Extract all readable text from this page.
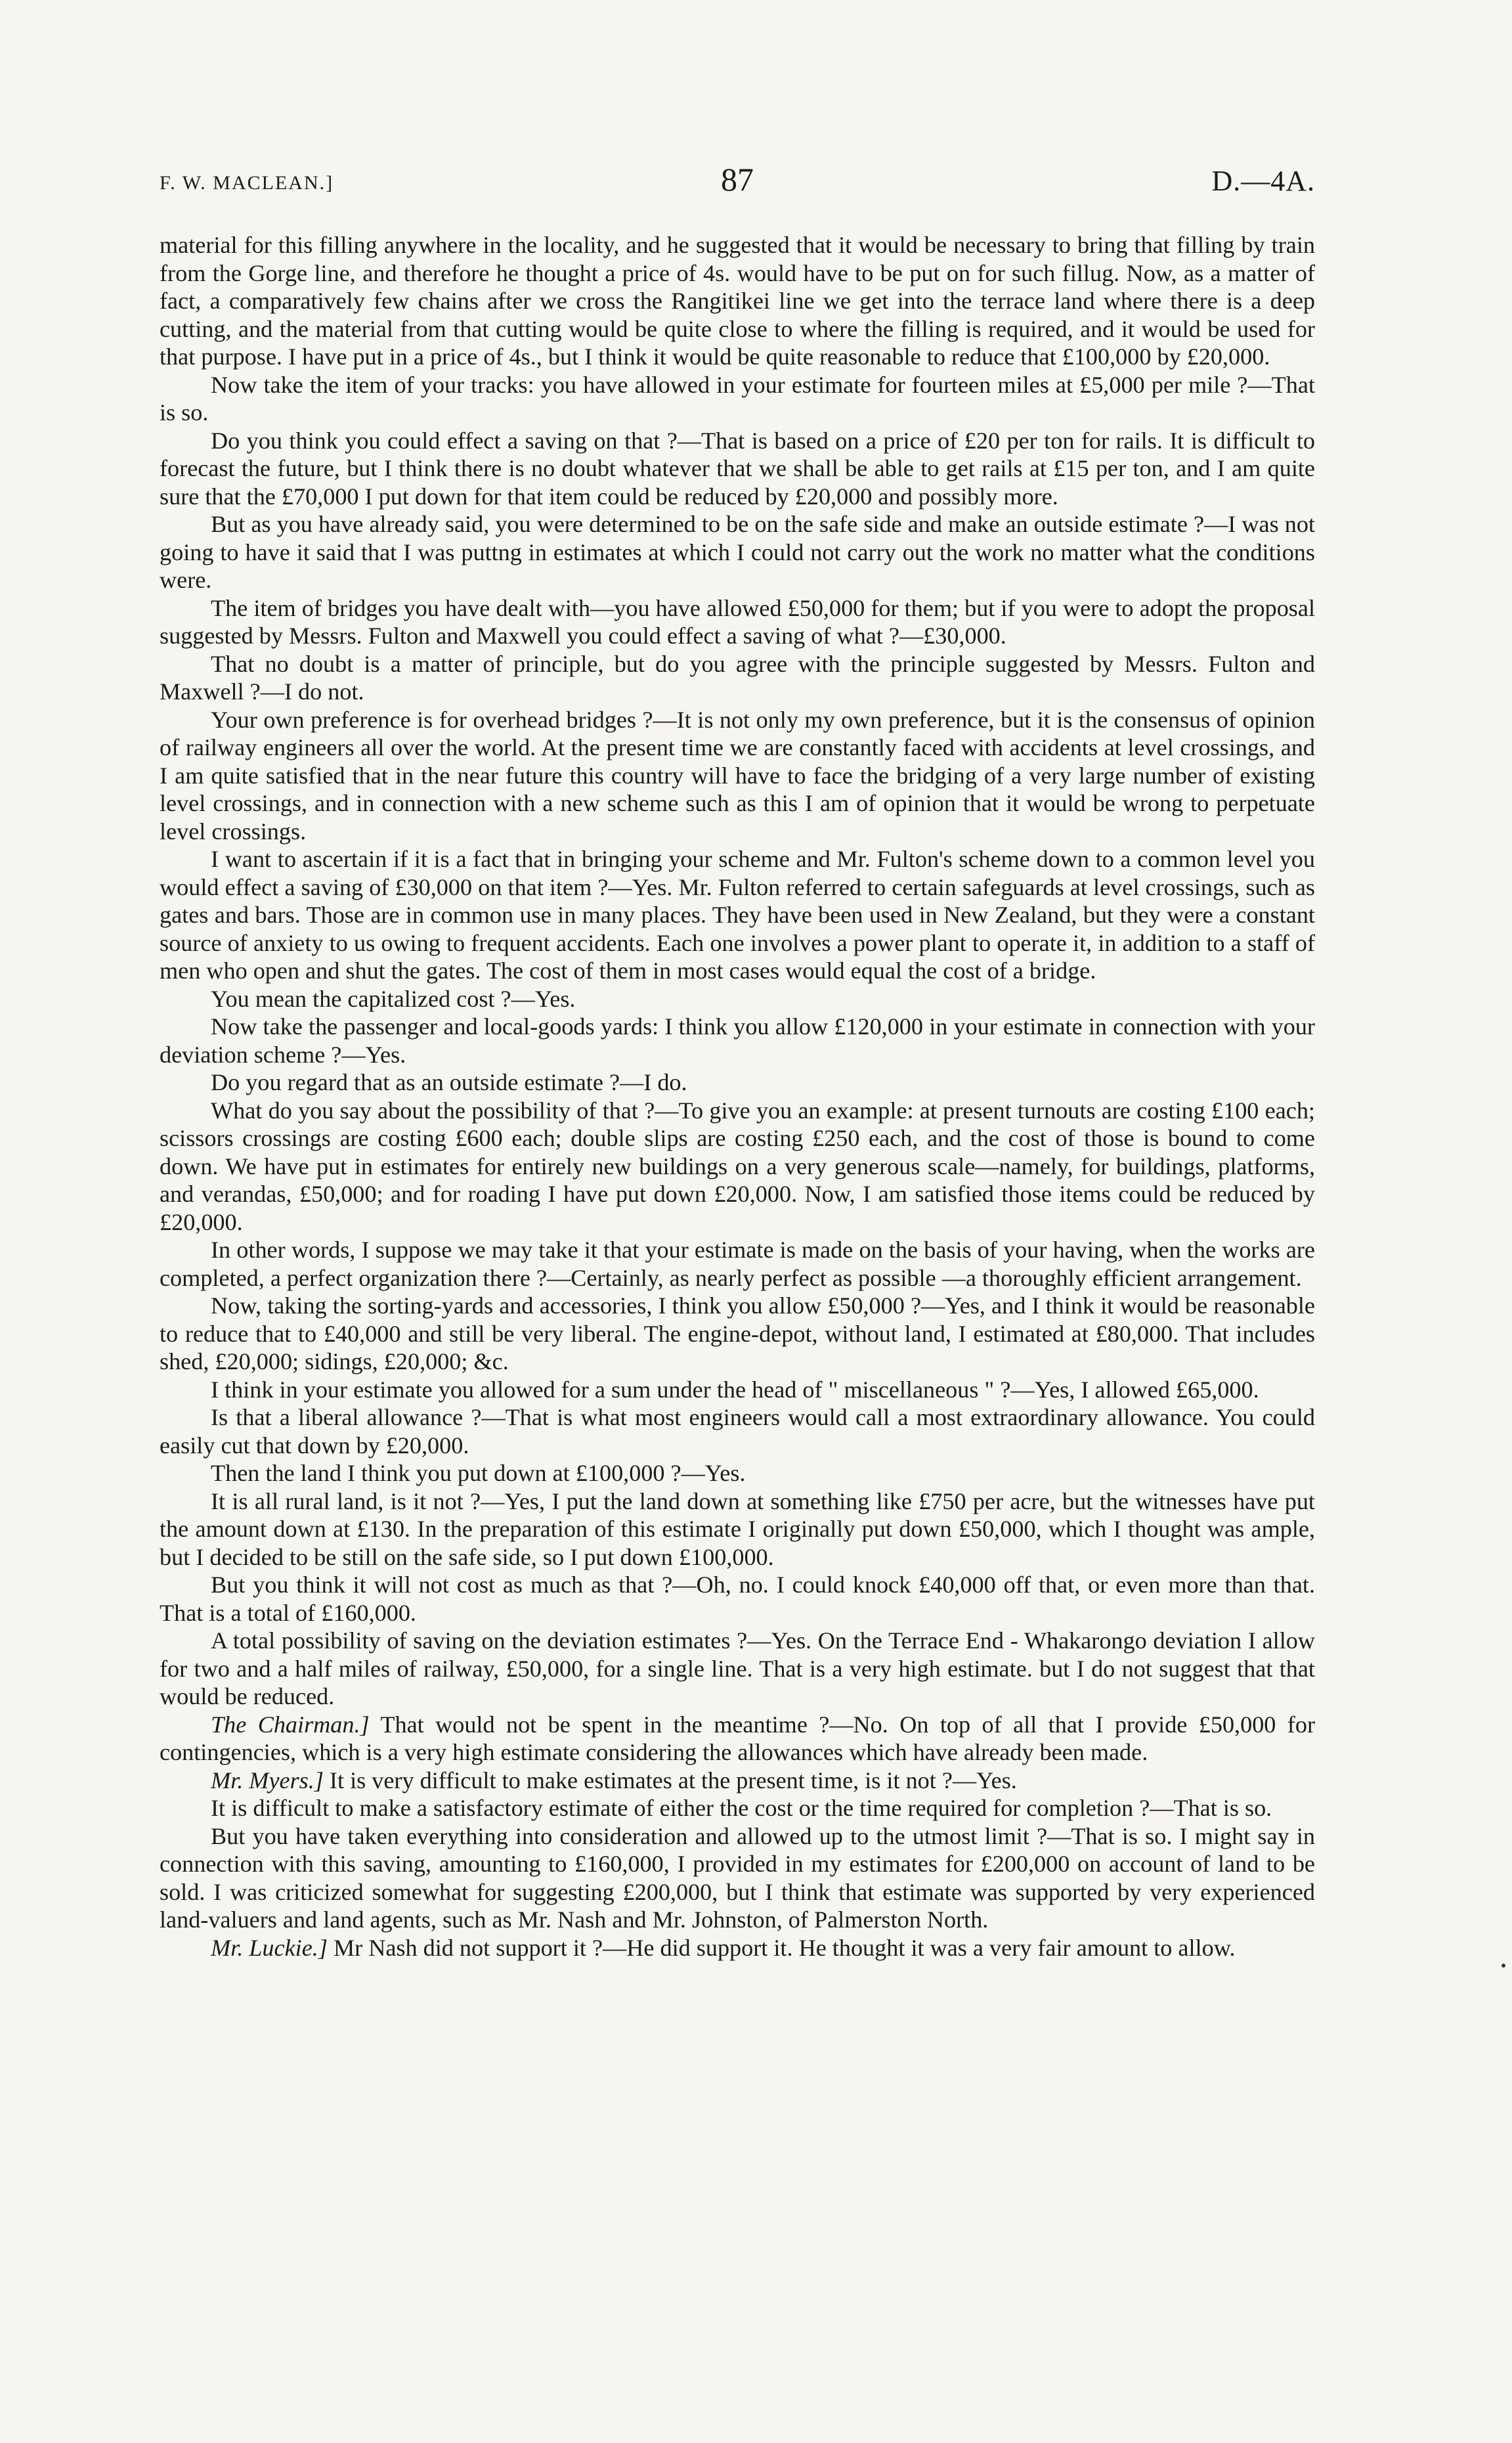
F. W. MACLEAN.]	87	D.—4A.

material for this filling anywhere in the locality, and he suggested that it would be necessary to bring that filling by train from the Gorge line, and therefore he thought a price of 4s. would have to be put on for such fillug. Now, as a matter of fact, a comparatively few chains after we cross the Rangitikei line we get into the terrace land where there is a deep cutting, and the material from that cutting would be quite close to where the filling is required, and it would be used for that purpose. I have put in a price of 4s., but I think it would be quite reasonable to reduce that £100,000 by £20,000.

Now take the item of your tracks: you have allowed in your estimate for fourteen miles at £5,000 per mile ?—That is so.

Do you think you could effect a saving on that ?—That is based on a price of £20 per ton for rails. It is difficult to forecast the future, but I think there is no doubt whatever that we shall be able to get rails at £15 per ton, and I am quite sure that the £70,000 I put down for that item could be reduced by £20,000 and possibly more.

But as you have already said, you were determined to be on the safe side and make an outside estimate ?—I was not going to have it said that I was puttng in estimates at which I could not carry out the work no matter what the conditions were.

The item of bridges you have dealt with—you have allowed £50,000 for them; but if you were to adopt the proposal suggested by Messrs. Fulton and Maxwell you could effect a saving of what ?—£30,000.

That no doubt is a matter of principle, but do you agree with the principle suggested by Messrs. Fulton and Maxwell ?—I do not.

Your own preference is for overhead bridges ?—It is not only my own preference, but it is the consensus of opinion of railway engineers all over the world. At the present time we are constantly faced with accidents at level crossings, and I am quite satisfied that in the near future this country will have to face the bridging of a very large number of existing level crossings, and in connection with a new scheme such as this I am of opinion that it would be wrong to perpetuate level crossings.

I want to ascertain if it is a fact that in bringing your scheme and Mr. Fulton's scheme down to a common level you would effect a saving of £30,000 on that item ?—Yes. Mr. Fulton referred to certain safeguards at level crossings, such as gates and bars. Those are in common use in many places. They have been used in New Zealand, but they were a constant source of anxiety to us owing to frequent accidents. Each one involves a power plant to operate it, in addition to a staff of men who open and shut the gates. The cost of them in most cases would equal the cost of a bridge.

You mean the capitalized cost ?—Yes.

Now take the passenger and local-goods yards: I think you allow £120,000 in your estimate in connection with your deviation scheme ?—Yes.

Do you regard that as an outside estimate ?—I do.

What do you say about the possibility of that ?—To give you an example: at present turnouts are costing £100 each; scissors crossings are costing £600 each; double slips are costing £250 each, and the cost of those is bound to come down. We have put in estimates for entirely new buildings on a very generous scale—namely, for buildings, platforms, and verandas, £50,000; and for roading I have put down £20,000. Now, I am satisfied those items could be reduced by £20,000.

In other words, I suppose we may take it that your estimate is made on the basis of your having, when the works are completed, a perfect organization there ?—Certainly, as nearly perfect as possible —a thoroughly efficient arrangement.

Now, taking the sorting-yards and accessories, I think you allow £50,000 ?—Yes, and I think it would be reasonable to reduce that to £40,000 and still be very liberal. The engine-depot, without land, I estimated at £80,000. That includes shed, £20,000; sidings, £20,000; &c.

I think in your estimate you allowed for a sum under the head of " miscellaneous " ?—Yes, I allowed £65,000.

Is that a liberal allowance ?—That is what most engineers would call a most extraordinary allowance. You could easily cut that down by £20,000.

Then the land I think you put down at £100,000 ?—Yes.

It is all rural land, is it not ?—Yes, I put the land down at something like £750 per acre, but the witnesses have put the amount down at £130. In the preparation of this estimate I originally put down £50,000, which I thought was ample, but I decided to be still on the safe side, so I put down £100,000.

But you think it will not cost as much as that ?—Oh, no. I could knock £40,000 off that, or even more than that. That is a total of £160,000.

A total possibility of saving on the deviation estimates ?—Yes. On the Terrace End - Whakarongo deviation I allow for two and a half miles of railway, £50,000, for a single line. That is a very high estimate. but I do not suggest that that would be reduced.

The Chairman.] That would not be spent in the meantime ?—No. On top of all that I provide £50,000 for contingencies, which is a very high estimate considering the allowances which have already been made.

Mr. Myers.] It is very difficult to make estimates at the present time, is it not ?—Yes.

It is difficult to make a satisfactory estimate of either the cost or the time required for completion ?—That is so.

But you have taken everything into consideration and allowed up to the utmost limit ?—That is so. I might say in connection with this saving, amounting to £160,000, I provided in my estimates for £200,000 on account of land to be sold. I was criticized somewhat for suggesting £200,000, but I think that estimate was supported by very experienced land-valuers and land agents, such as Mr. Nash and Mr. Johnston, of Palmerston North.

Mr. Luckie.] Mr Nash did not support it ?—He did support it. He thought it was a very fair amount to allow.
